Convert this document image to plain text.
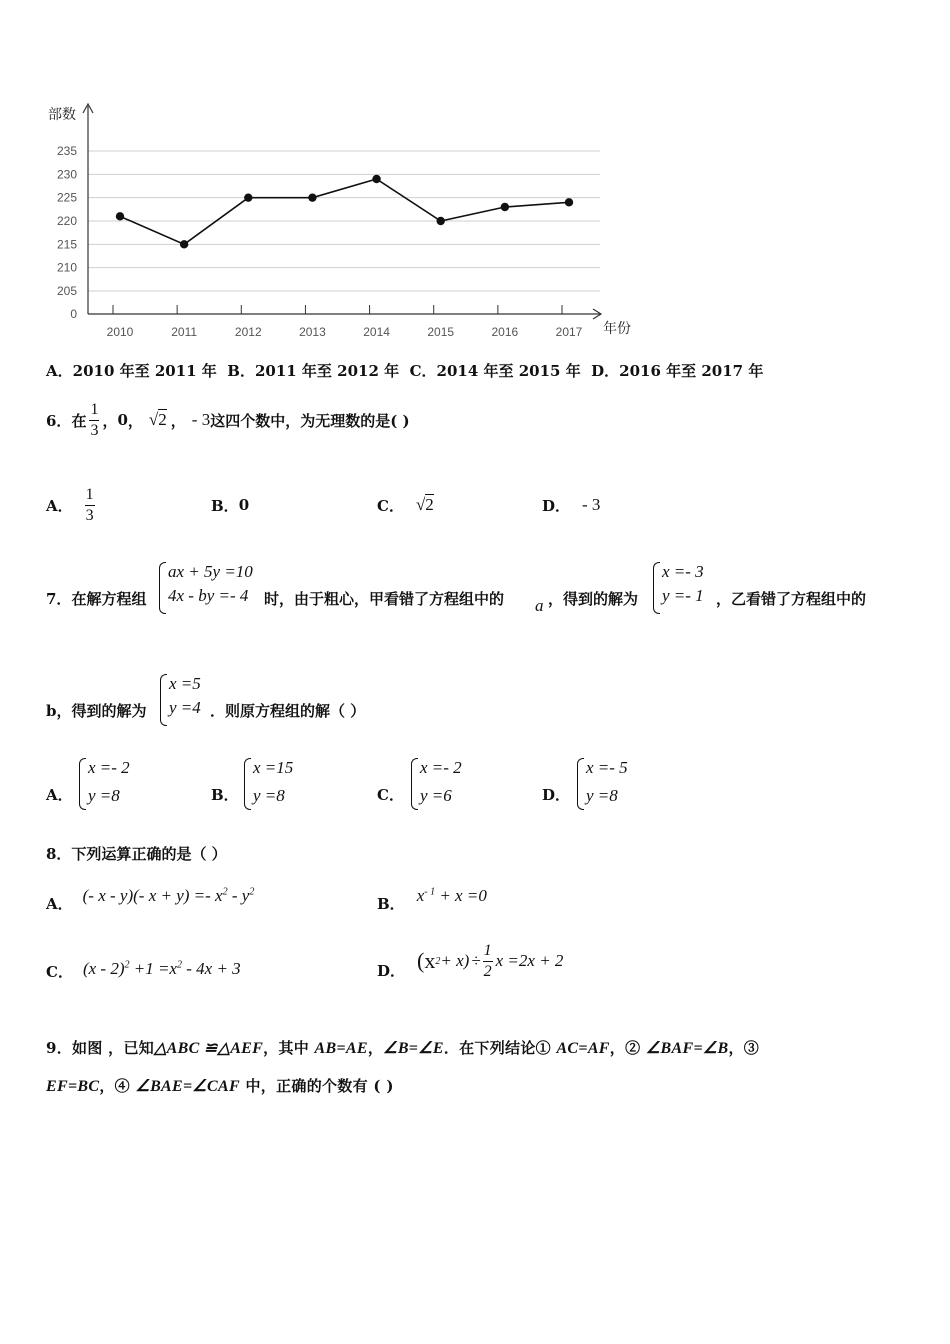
部数
年份
0
205
210
215
220
225
230
235
2010	2011	2012	2013	2014	2015	2016	2017
A．2010 年至 2011 年 B．2011 年至 2012 年 C．2014 年至 2015 年 D．2016 年至 2017 年
6． 在 $\frac{1}{3}$ ， 0 ， √2 ， - 3 这四个数中，为无理数的是( )
A． $\frac{1}{3}$	B． 0	C． √2	D． - 3
7．在解方程组
ax + 5y =10
4x - by =- 4 时，由于粗心，甲看错了方程组中的 a ，得到的解为
x =- 3
y =- 1 ，乙看错了方程组中的
b，得到的解为
x =5
y =4 ．则原方程组的解（ ）
A．
x =- 2
y =8	B．
x =15
y =8	C．
x =- 2
y =6	D．
x =- 5
y =8
8．下列运算正确的是（ ）
A． (- x - y)(- $x + y) =- x^2 - y^2$
B． $x^{- 1} + x =0$
C． $(x - 2)^2 +1 =x^2 - 4x + 3$	D． (x $2 + x) \div \frac{1}{2}$ x =2x + 2
9．如图 ，已知△ABC ≌△AEF，其中 AB=AE，∠B=∠E．在下列结论① AC=AF，② ∠BAF=∠B，③
EF=BC，④ ∠BAE=∠CAF 中，正确的个数有 ( )
